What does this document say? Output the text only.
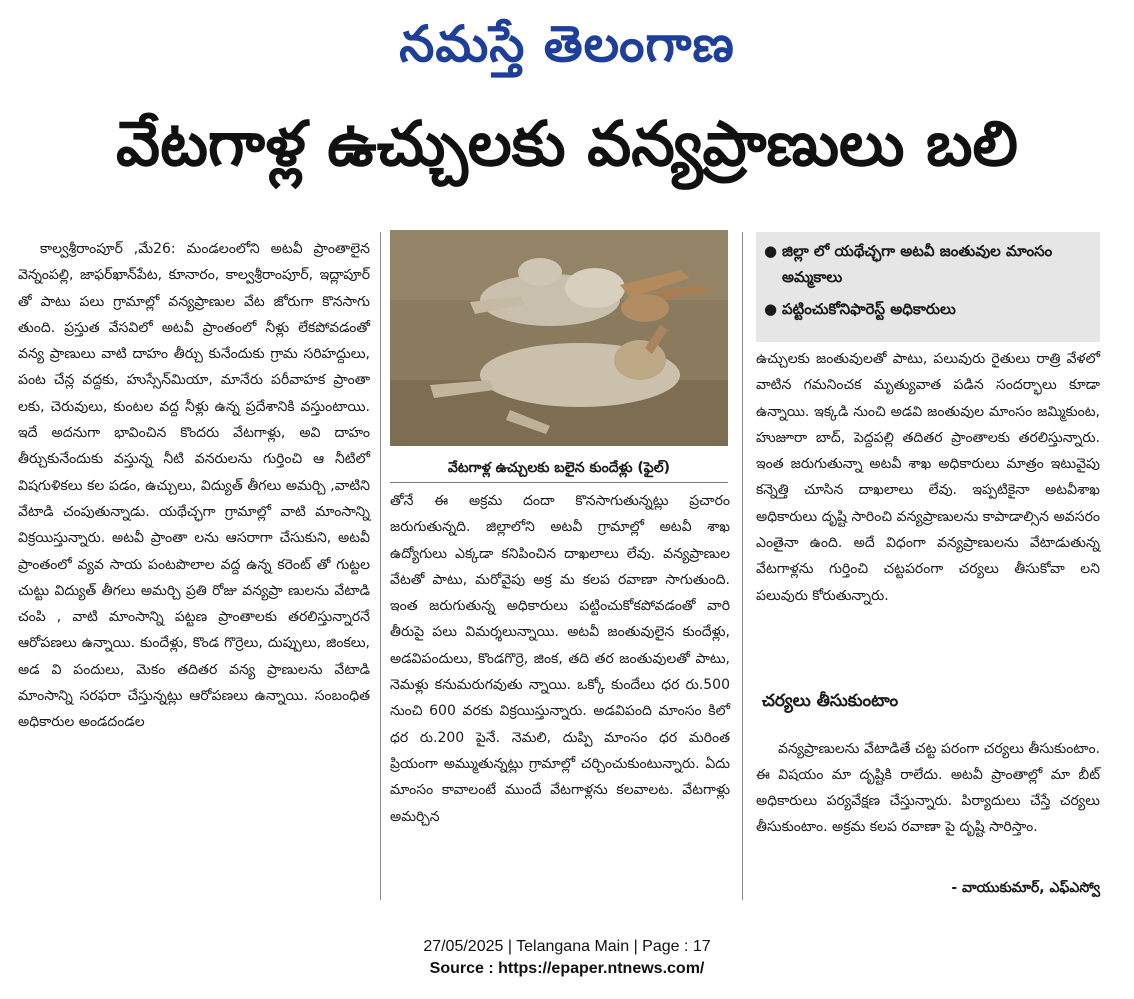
నమస్తే తెలంగాణ
వేటగాళ్ల ఉచ్చులకు వన్యప్రాణులు బలి

కాల్వశ్రీరాంపూర్ ,మే26: మండలంలోని అటవీ ప్రాంతాలైన వెన్నంపల్లి, జాఫర్‌ఖాన్‌పేట, కూనారం, కాల్వశ్రీరాంపూర్, ఇద్లాపూర్ తో పాటు పలు గ్రామాల్లో వన్యప్రాణుల వేట జోరుగా కొనసాగు తుంది. ప్రస్తుత వేసవిలో అటవీ ప్రాంతంలో నీళ్లు లేకపోవడంతో వన్య ప్రాణులు వాటి దాహం తీర్చు కునేందుకు గ్రామ సరిహద్దులు, పంట చేన్ల వద్దకు, హుస్సేన్‌మియా, మానేరు పరీవాహక ప్రాంతా లకు, చెరువులు, కుంటల వద్ద నీళ్లు ఉన్న ప్రదేశానికి వస్తుంటాయి. ఇదే అదనుగా భావించిన కొందరు వేటగాళ్లు, అవి దాహం తీర్చుకునేందుకు వస్తున్న నీటి వనరులను గుర్తించి ఆ నీటిలో విషగుళికలు కల పడం, ఉచ్చులు, విద్యుత్ తీగలు అమర్చి ,వాటిని వేటాడి చంపుతున్నాడు. యథేచ్ఛగా గ్రామాల్లో వాటి మాంసాన్ని విక్రయిస్తున్నారు. అటవీ ప్రాంతా లను ఆసరాగా చేసుకుని, అటవీ ప్రాంతంలో వ్యవ సాయ పంటపొలాల వద్ద ఉన్న కరెంట్ తో గుట్టల చుట్టు విద్యుత్ తీగలు అమర్చి ప్రతి రోజు వన్యప్రా ణులను వేటాడి చంపి , వాటి మాంసాన్ని పట్టణ ప్రాంతాలకు తరలిస్తున్నారనే ఆరోపణలు ఉన్నాయి. కుందేళ్లు, కొండ గొర్రెలు, దుప్పులు, జింకలు, అడ వి పందులు, మెకం తదితర వన్య ప్రాణులను వేటాడి మాంసాన్ని సరఫరా చేస్తున్నట్లు ఆరోపణలు ఉన్నాయి. సంబంధిత అధికారుల అండదండల

వేటగాళ్ల ఉచ్చులకు బలైన కుందేళ్లు (ఫైల్)

తోనే ఈ అక్రమ దందా కొనసాగుతున్నట్లు ప్రచారం జరుగుతున్నది. జిల్లాలోని అటవీ గ్రామాల్లో అటవీ శాఖ ఉద్యోగులు ఎక్కడా కనిపించిన దాఖలాలు లేవు. వన్యప్రాణుల వేటతో పాటు, మరోవైపు అక్ర మ కలప రవాణా సాగుతుంది. ఇంత జరుగుతున్న అధికారులు పట్టించుకోకపోవడంతో వారి తీరుపై పలు విమర్శలున్నాయి. అటవీ జంతువులైన కుందేళ్లు, అడవిపందులు, కొండగొర్రె, జింక, తది తర జంతువులతో పాటు, నెమళ్లు కనుమరుగవుతు న్నాయి. ఒక్కో కుందేలు ధర రు.500 నుంచి 600 వరకు విక్రయిస్తున్నారు. అడవిపంది మాంసం కిలో ధర రు.200 పైనే. నెమలి, దుప్పి మాంసం ధర మరింత ప్రియంగా అమ్ముతున్నట్లు గ్రామాల్లో చర్చించుకుంటున్నారు. ఏదు మాంసం కావాలంటే ముందే వేటగాళ్లను కలవాలట. వేటగాళ్లు అమర్చిన

● జిల్లా లో యథేచ్ఛగా అటవీ జంతువుల మాంసం అమ్మకాలు
● పట్టించుకోనిఫారెస్ట్ అధికారులు

ఉచ్చులకు జంతువులతో పాటు, పలువురు రైతులు రాత్రి వేళలో వాటిన గమనించక మృత్యువాత పడిన సందర్భాలు కూడా ఉన్నాయి. ఇక్కడి నుంచి అడవి జంతువుల మాంసం జమ్మికుంట, హుజూరా బాద్, పెద్దపల్లి తదితర ప్రాంతాలకు తరలిస్తున్నారు. ఇంత జరుగుతున్నా అటవీ శాఖ అధికారులు మాత్రం ఇటువైపు కన్నెత్తి చూసిన దాఖలాలు లేవు. ఇప్పటికైనా అటవీశాఖ అధికారులు దృష్టి సారించి వన్యప్రాణులను కాపాడాల్సిన అవసరం ఎంతైనా ఉంది. అదే విధంగా వన్యప్రాణులను వేటాడుతున్న వేటగాళ్లను గుర్తించి చట్టపరంగా చర్యలు తీసుకోవా లని పలువురు కోరుతున్నారు.

చర్యలు తీసుకుంటాం

వన్యప్రాణులను వేటాడితే చట్ట పరంగా చర్యలు తీసుకుంటాం. ఈ విషయం మా దృష్టికి రాలేదు. అటవీ ప్రాంతాల్లో మా బీట్ అధికారులు పర్యవేక్షణ చేస్తున్నారు. పిర్యాదులు చేస్తే చర్యలు తీసుకుంటాం. అక్రమ కలప రవాణా పై దృష్టి సారిస్తాం.

- వాయుకుమార్, ఎఫ్ఎస్వో
27/05/2025 | Telangana Main | Page : 17
Source : https://epaper.ntnews.com/
